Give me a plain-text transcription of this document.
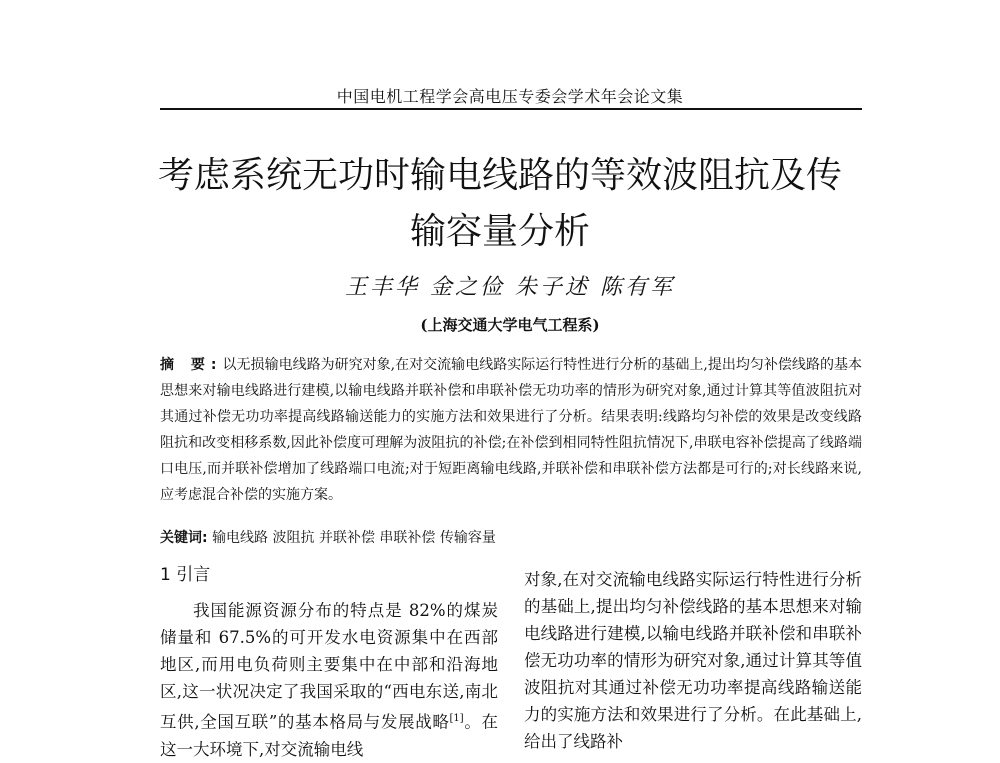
中国电机工程学会高电压专委会学术年会论文集
考虑系统无功时输电线路的等效波阻抗及传
输容量分析
王丰华 金之俭 朱子述 陈有军
(上海交通大学电气工程系)

摘 要:以无损输电线路为研究对象,在对交流输电线路实际运行特性进行分析的基础上,提出均匀补偿线路的基本思想来对输电线路进行建模,以输电线路并联补偿和串联补偿无功功率的情形为研究对象,通过计算其等值波阻抗对其通过补偿无功功率提高线路输送能力的实施方法和效果进行了分析。结果表明:线路均匀补偿的效果是改变线路阻抗和改变相移系数,因此补偿度可理解为波阻抗的补偿;在补偿到相同特性阻抗情况下,串联电容补偿提高了线路端口电压,而并联补偿增加了线路端口电流;对于短距离输电线路,并联补偿和串联补偿方法都是可行的;对长线路来说,应考虑混合补偿的实施方案。

关键词: 输电线路 波阻抗 并联补偿 串联补偿 传输容量
1 引言

我国能源资源分布的特点是 82%的煤炭储量和 67.5%的可开发水电资源集中在西部地区,而用电负荷则主要集中在中部和沿海地区,这一状况决定了我国采取的“西电东送,南北互供,全国互联”的基本格局与发展战略[1]。在这一大环境下,对交流输电线

对象,在对交流输电线路实际运行特性进行分析的基础上,提出均匀补偿线路的基本思想来对输电线路进行建模,以输电线路并联补偿和串联补偿无功功率的情形为研究对象,通过计算其等值波阻抗对其通过补偿无功功率提高线路输送能力的实施方法和效果进行了分析。在此基础上,给出了线路补
